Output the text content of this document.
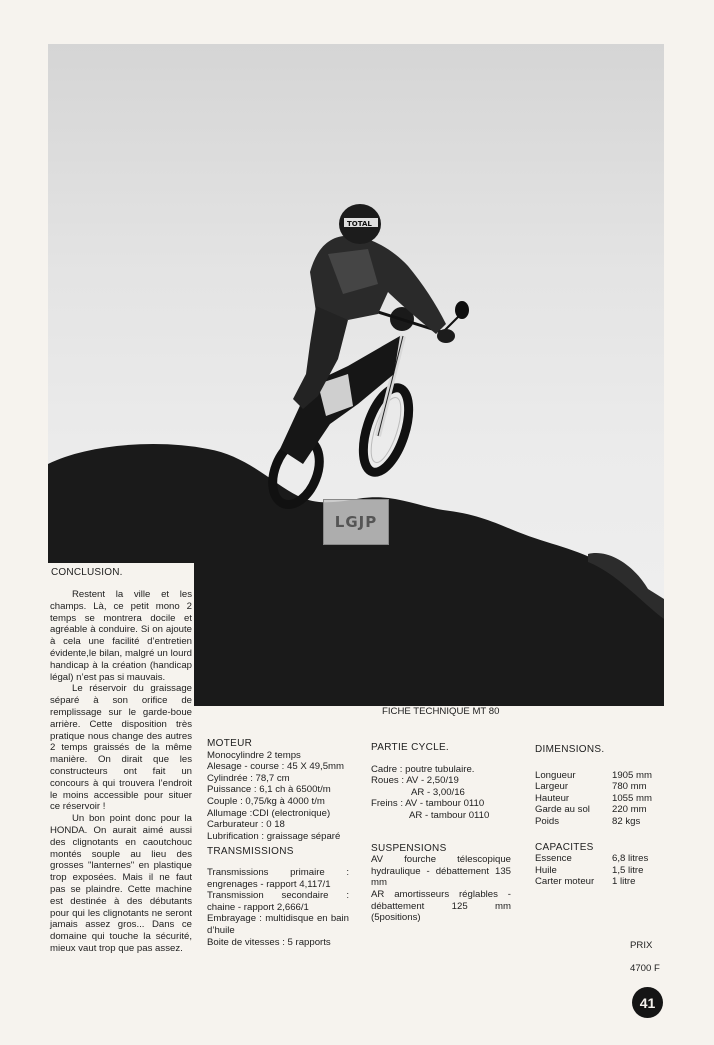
TOTAL
LGJP
CONCLUSION.

Restent la ville et les champs. Là, ce petit mono 2 temps se montrera docile et agréable à conduire. Si on ajoute à cela une facilité d’entretien évidente,le bilan, malgré un lourd handicap à la création (handicap légal) n’est pas si mauvais.

Le réservoir du graissage séparé à son orifice de remplissage sur le garde-boue arrière. Cette disposition très pratique nous change des autres 2 temps graissés de la même manière. On dirait que les constructeurs ont fait un concours à qui trouvera l’endroit le moins accessible pour situer ce réservoir !

Un bon point donc pour la HONDA. On aurait aimé aussi des clignotants en caoutchouc montés souple au lieu des grosses "lanternes" en plastique trop exposées. Mais il ne faut pas se plaindre. Cette machine est destinée à des débutants pour qui les clignotants ne seront jamais assez gros... Dans ce domaine qui touche la sécurité, mieux vaut trop que pas assez.

FICHE TECHNIQUE MT 80
MOTEUR
Monocylindre 2 temps
Alesage - course : 45 X 49,5mm
Cylindrée : 78,7 cm
Puissance : 6,1 ch à 6500t/m
Couple : 0,75/kg à 4000 t/m
Allumage :CDI (electronique)
Carburateur : 0 18
Lubrification : graissage séparé
TRANSMISSIONS
Transmissions primaire : engrenages - rapport 4,117/1
Transmission secondaire : chaine - rapport 2,666/1
Embrayage : multidisque en bain d’huile
Boite de vitesses : 5 rapports
PARTIE CYCLE.
Cadre : poutre tubulaire.
Roues : AV - 2,50/19
AR - 3,00/16
Freins : AV - tambour 0110
AR - tambour 0110
SUSPENSIONS
AV fourche télescopique hydraulique - débattement 135 mm
AR amortisseurs réglables - débattement 125 mm (5positions)
DIMENSIONS.
Longueur	1905 mm
Largeur	780 mm
Hauteur	1055 mm
Garde au sol	220 mm
Poids	82 kgs
CAPACITES
Essence	6,8 litres
Huile	1,5 litre
Carter moteur	1 litre
PRIX
4700 F
41
